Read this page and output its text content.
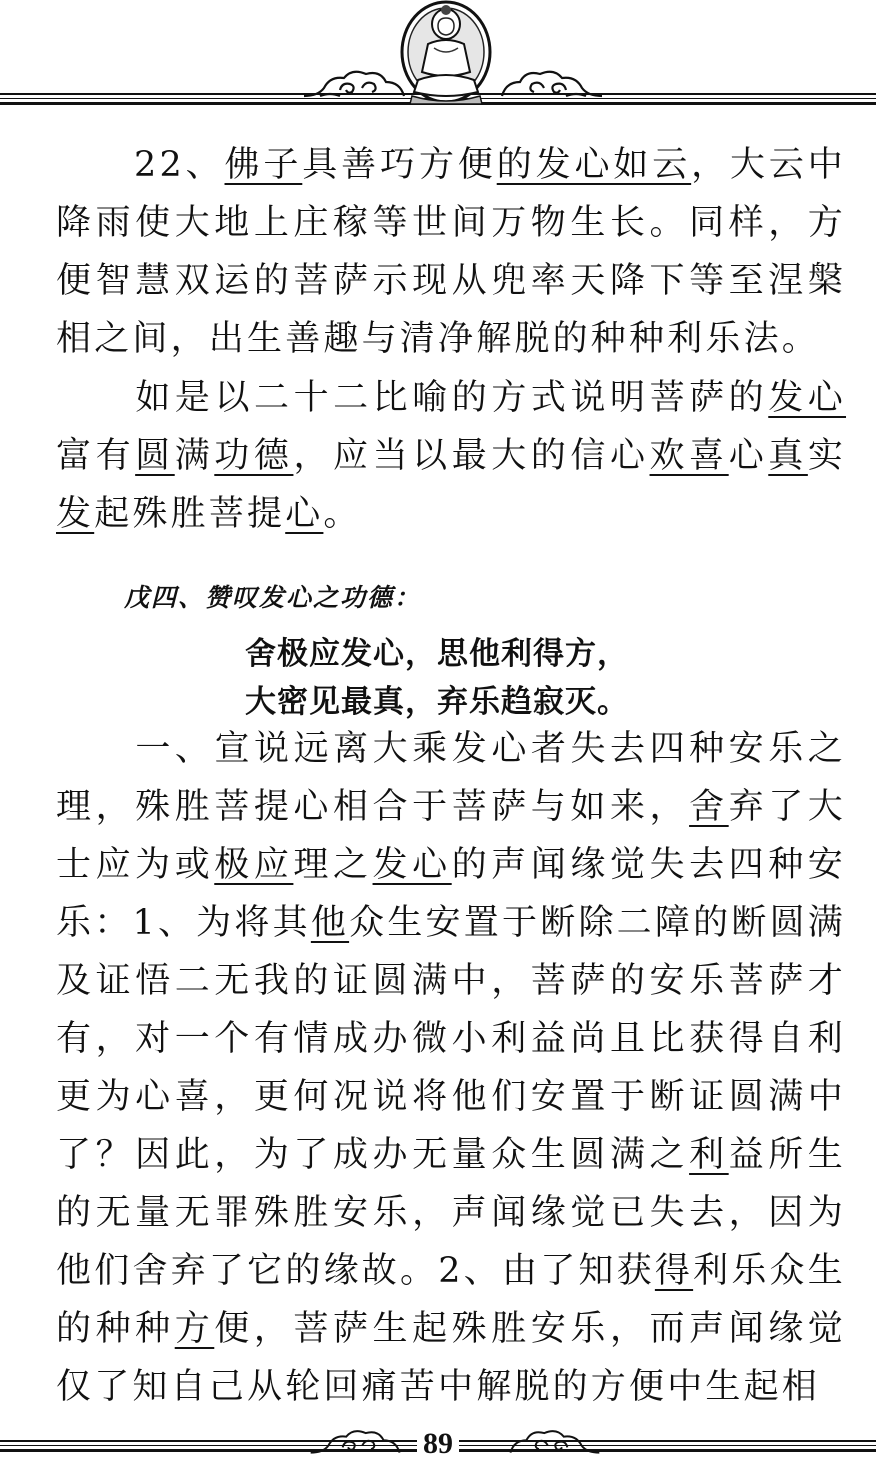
22、佛子具善巧方便的发心如云，大云中降雨使大地上庄稼等世间万物生长。同样，方便智慧双运的菩萨示现从兜率天降下等至涅槃相之间，出生善趣与清净解脱的种种利乐法。

如是以二十二比喻的方式说明菩萨的发心富有圆满功德，应当以最大的信心欢喜心真实发起殊胜菩提心。

戊四、赞叹发心之功德：
舍极应发心，思他利得方，
大密见最真，弃乐趋寂灭。

一、宣说远离大乘发心者失去四种安乐之理，殊胜菩提心相合于菩萨与如来，舍弃了大士应为或极应理之发心的声闻缘觉失去四种安乐：1、为将其他众生安置于断除二障的断圆满及证悟二无我的证圆满中，菩萨的安乐菩萨才有，对一个有情成办微小利益尚且比获得自利更为心喜，更何况说将他们安置于断证圆满中了？因此，为了成办无量众生圆满之利益所生的无量无罪殊胜安乐，声闻缘觉已失去，因为他们舍弃了它的缘故。2、由了知获得利乐众生的种种方便，菩萨生起殊胜安乐，而声闻缘觉仅了知自己从轮回痛苦中解脱的方便中生起相

89
